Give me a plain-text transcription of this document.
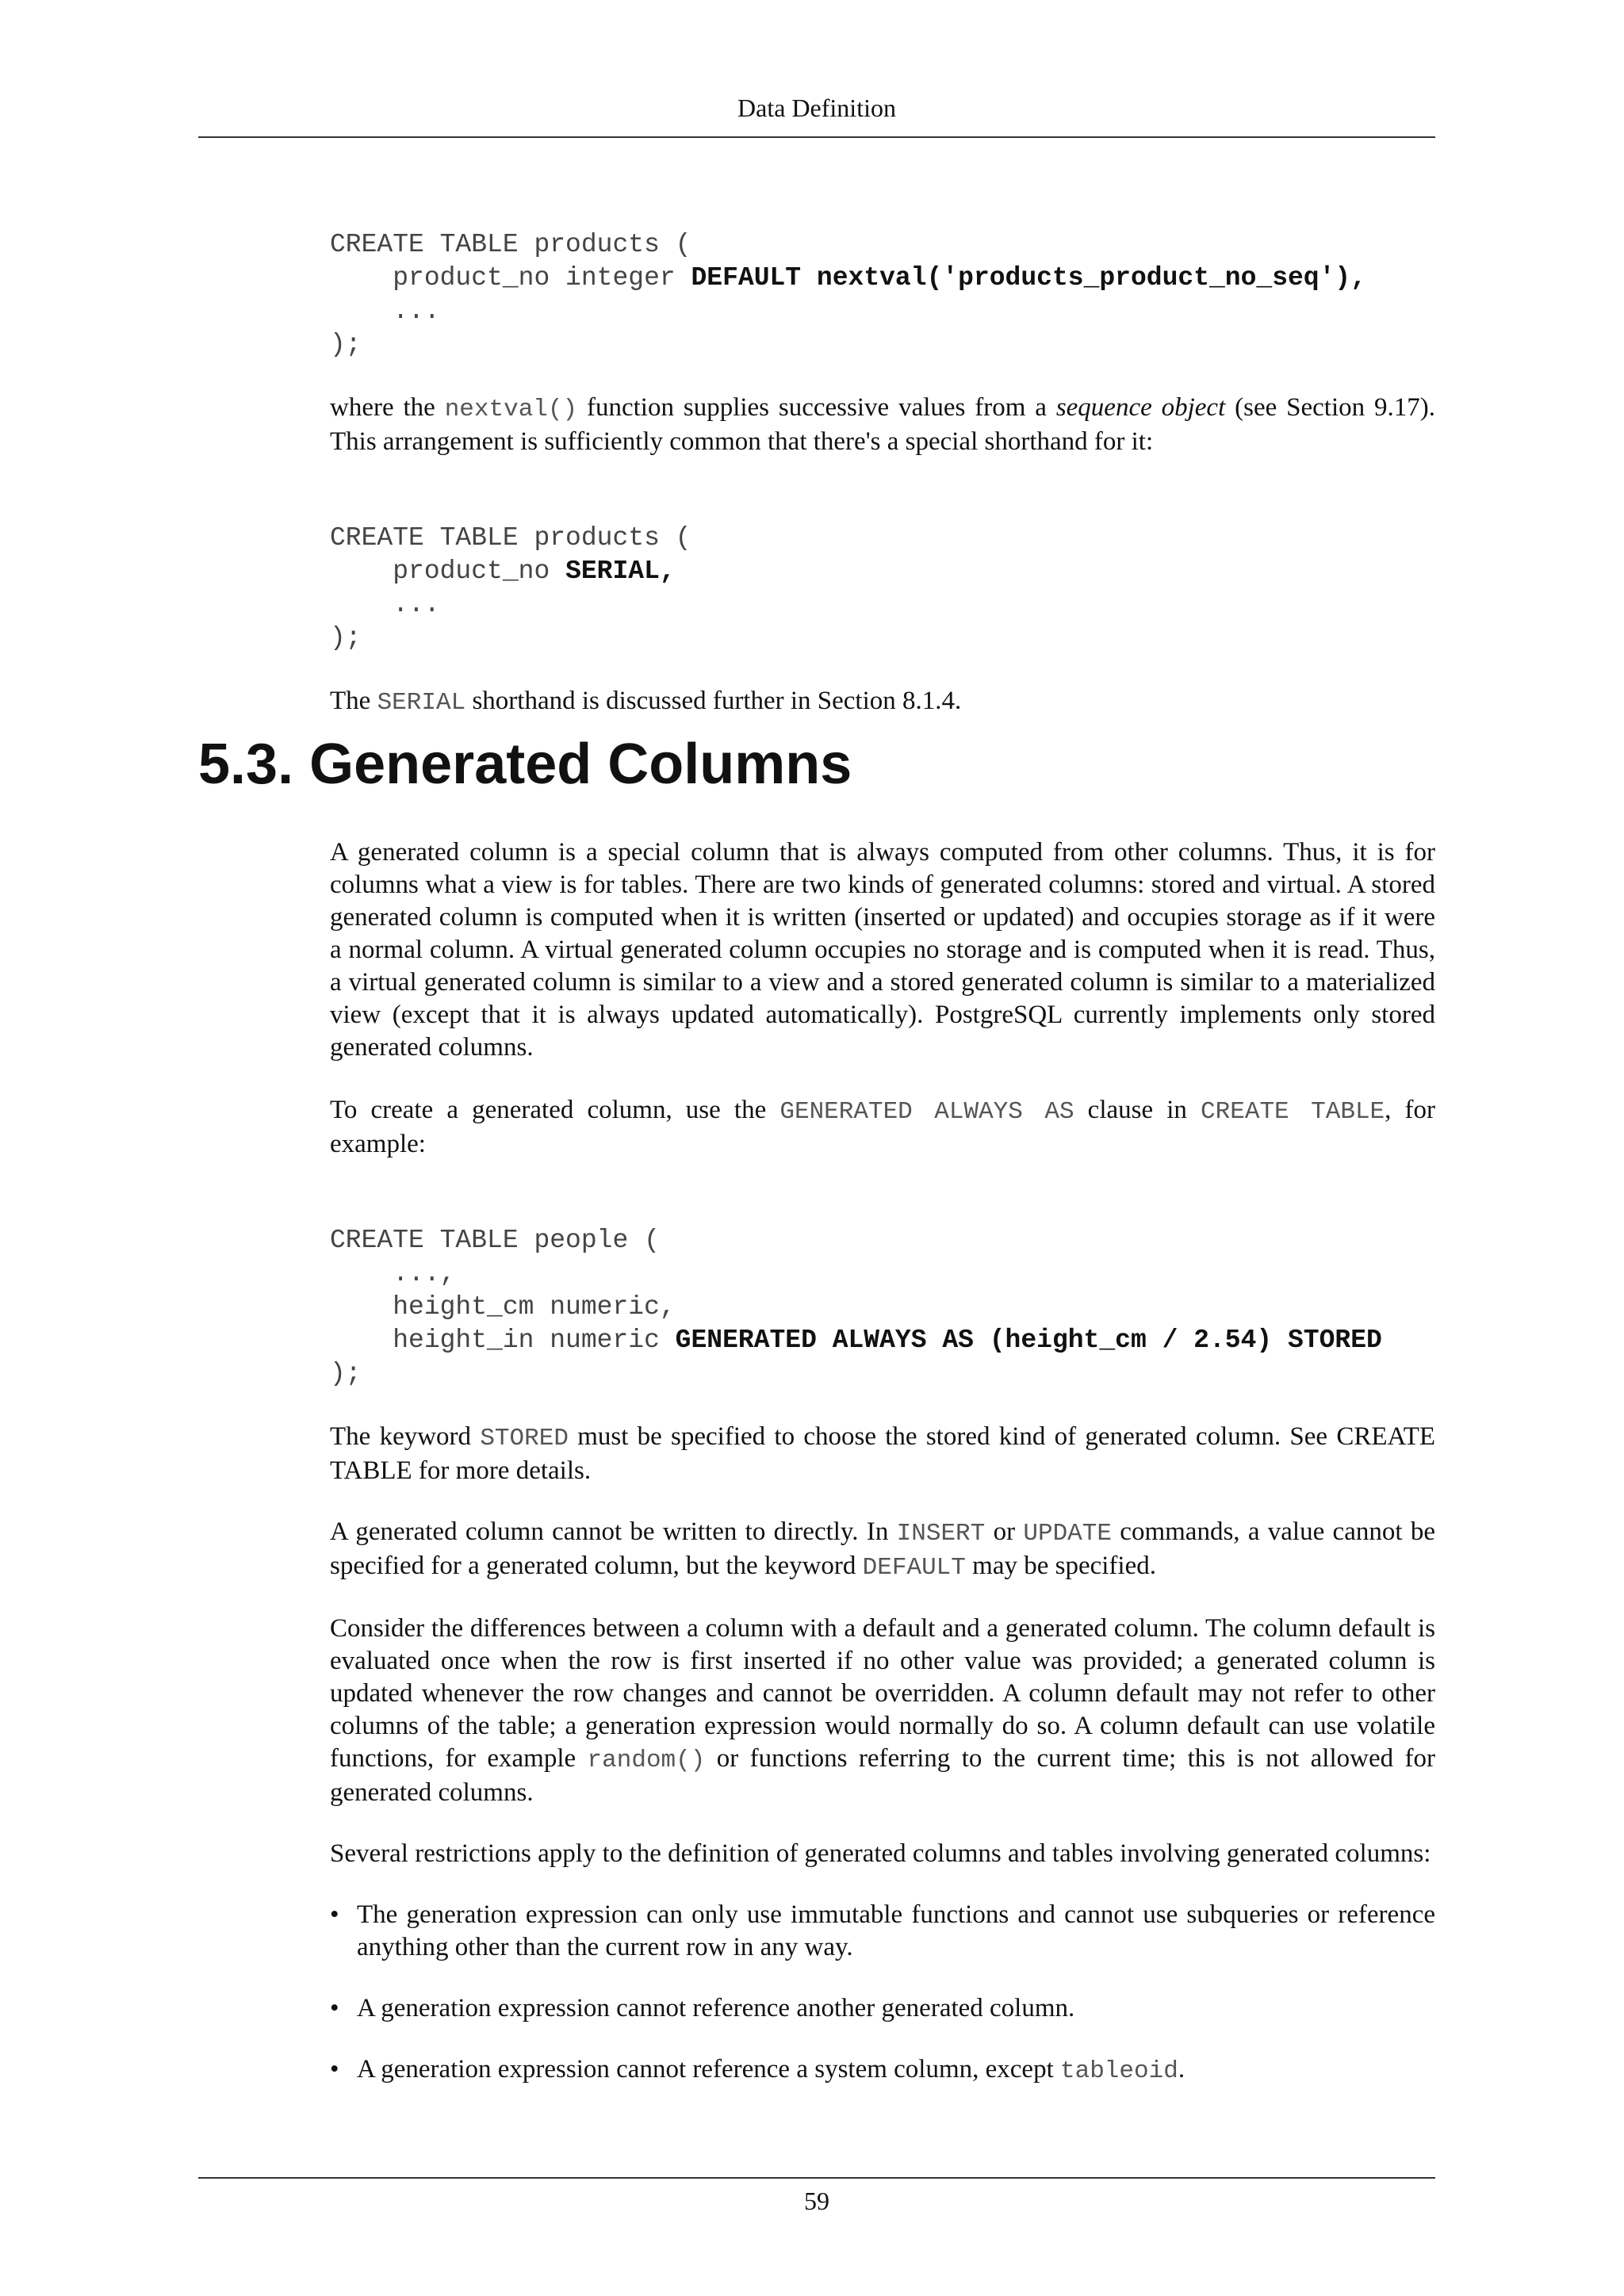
Data Definition
CREATE TABLE products (
product_no integer DEFAULT nextval('products_product_no_seq'),
...
);

where the nextval() function supplies successive values from a sequence object (see Section 9.17). This arrangement is sufficiently common that there's a special shorthand for it:

CREATE TABLE products (
product_no SERIAL,
...
);

The SERIAL shorthand is discussed further in Section 8.1.4.

5.3. Generated Columns

A generated column is a special column that is always computed from other columns. Thus, it is for columns what a view is for tables. There are two kinds of generated columns: stored and virtual. A stored generated column is computed when it is written (inserted or updated) and occupies storage as if it were a normal column. A virtual generated column occupies no storage and is computed when it is read. Thus, a virtual generated column is similar to a view and a stored generated column is similar to a materialized view (except that it is always updated automatically). PostgreSQL currently implements only stored generated columns.

To create a generated column, use the GENERATED ALWAYS AS clause in CREATE TABLE, for example:

CREATE TABLE people (
...,
height_cm numeric,
height_in numeric GENERATED ALWAYS AS (height_cm / 2.54) STORED
);

The keyword STORED must be specified to choose the stored kind of generated column. See CREATE TABLE for more details.

A generated column cannot be written to directly. In INSERT or UPDATE commands, a value cannot be specified for a generated column, but the keyword DEFAULT may be specified.

Consider the differences between a column with a default and a generated column. The column default is evaluated once when the row is first inserted if no other value was provided; a generated column is updated whenever the row changes and cannot be overridden. A column default may not refer to other columns of the table; a generation expression would normally do so. A column default can use volatile functions, for example random() or functions referring to the current time; this is not allowed for generated columns.

Several restrictions apply to the definition of generated columns and tables involving generated columns:

• The generation expression can only use immutable functions and cannot use subqueries or reference anything other than the current row in any way.
• A generation expression cannot reference another generated column.
• A generation expression cannot reference a system column, except tableoid.
59
